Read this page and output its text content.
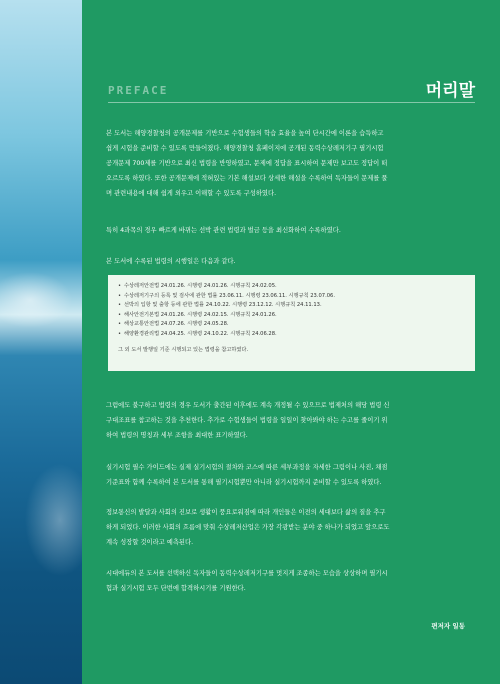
PREFACE	머리말

본 도서는 해양경찰청의 공개문제를 기반으로 수험생들의 학습 효율을 높여 단시간에 이론을 습득하고
쉽게 시험을 준비할 수 있도록 만들어졌다. 해양경찰청 홈페이지에 공개된 동력수상레저기구 필기시험
공개문제 700제를 기반으로 최신 법령을 반영하였고, 문제에 정답을 표시하여 문제만 보고도 정답이 떠
오르도록 하였다. 또한 공개문제에 적혀있는 기본 해설보다 상세한 해설을 수록하여 독자들이 문제를 풀
며 관련내용에 대해 쉽게 외우고 이해할 수 있도록 구성하였다.

특히 4과목의 경우 빠르게 바뀌는 선박 관련 법령과 벌금 등을 최신화하여 수록하였다.

본 도서에 수록된 법령의 시행일은 다음과 같다.

• 수상레저안전법 24.01.26. 시행령 24.01.26. 시행규칙 24.02.05.
• 수상레저기구의 등록 및 검사에 관한 법률 23.06.11. 시행령 23.06.11. 시행규칙 23.07.06.
• 선박의 입항 및 출항 등에 관한 법률 24.10.22. 시행령 23.12.12. 시행규칙 24.11.13.
• 해사안전기본법 24.01.26. 시행령 24.02.15. 시행규칙 24.01.26.
• 해상교통안전법 24.07.26. 시행령 24.05.28.
• 해양환경관리법 24.04.25. 시행령 24.10.22. 시행규칙 24.06.28.
그 외 도서 발행일 기준 시행되고 있는 법령을 참고하였다.

그럼에도 불구하고 법령의 경우 도서가 출간된 이후에도 계속 개정될 수 있으므로 법제처의 해당 법령 신
구대조표를 참고하는 것을 추천한다. 추가로 수험생들이 법령을 일일이 찾아봐야 하는 수고를 줄이기 위
하여 법령의 명칭과 세부 조항을 최대한 표기하였다.

실기시험 필수 가이드에는 실제 실기시험의 절차와 코스에 따른 세부과정을 자세한 그림이나 사진, 채점
기준표와 함께 수록하여 본 도서를 통해 필기시험뿐만 아니라 실기시험까지 준비할 수 있도록 하였다.

정보통신의 발달과 사회의 진보로 생활이 풍요로워짐에 따라 개인들은 이전의 세대보다 삶의 질을 추구
하게 되었다. 이러한 사회의 흐름에 맞춰 수상레저산업은 가장 각광받는 분야 중 하나가 되었고 앞으로도
계속 성장할 것이라고 예측된다.

시대에듀의 본 도서를 선택하신 독자들이 동력수상레저기구를 멋지게 조종하는 모습을 상상하며 필기시
험과 실기시험 모두 단번에 합격하시기를 기원한다.

편저자 일동
